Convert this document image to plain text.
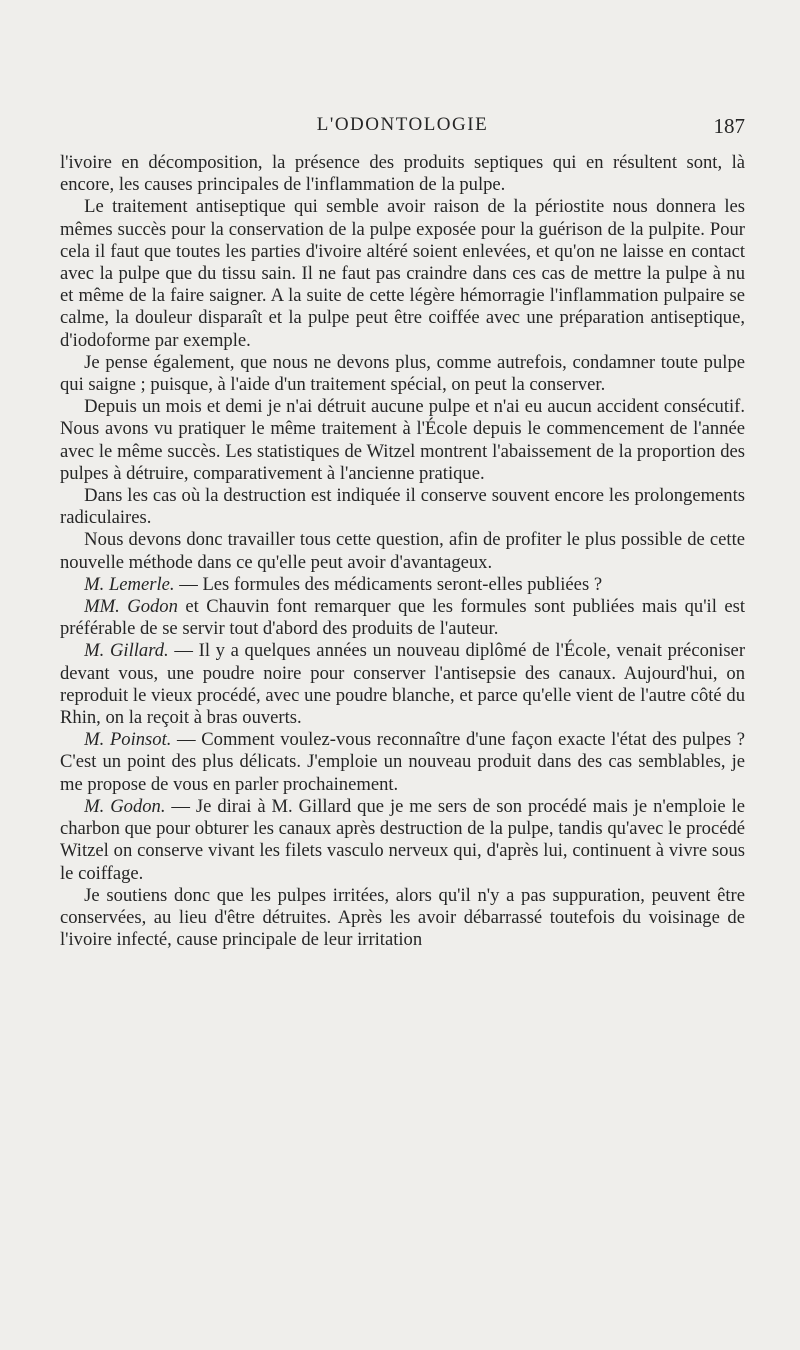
L'ODONTOLOGIE	187

l'ivoire en décomposition, la présence des produits septiques qui en résultent sont, là encore, les causes principales de l'inflammation de la pulpe.

Le traitement antiseptique qui semble avoir raison de la périostite nous donnera les mêmes succès pour la conservation de la pulpe exposée pour la guérison de la pulpite. Pour cela il faut que toutes les parties d'ivoire altéré soient enlevées, et qu'on ne laisse en contact avec la pulpe que du tissu sain. Il ne faut pas craindre dans ces cas de mettre la pulpe à nu et même de la faire saigner. A la suite de cette légère hémorragie l'inflammation pulpaire se calme, la douleur disparaît et la pulpe peut être coiffée avec une préparation antiseptique, d'iodoforme par exemple.

Je pense également, que nous ne devons plus, comme autrefois, condamner toute pulpe qui saigne ; puisque, à l'aide d'un traitement spécial, on peut la conserver.

Depuis un mois et demi je n'ai détruit aucune pulpe et n'ai eu aucun accident consécutif. Nous avons vu pratiquer le même traitement à l'École depuis le commencement de l'année avec le même succès. Les statistiques de Witzel montrent l'abaissement de la proportion des pulpes à détruire, comparativement à l'ancienne pratique.

Dans les cas où la destruction est indiquée il conserve souvent encore les prolongements radiculaires.

Nous devons donc travailler tous cette question, afin de profiter le plus possible de cette nouvelle méthode dans ce qu'elle peut avoir d'avantageux.

M. Lemerle. — Les formules des médicaments seront-elles publiées ?

MM. Godon et Chauvin font remarquer que les formules sont publiées mais qu'il est préférable de se servir tout d'abord des produits de l'auteur.

M. Gillard. — Il y a quelques années un nouveau diplômé de l'École, venait préconiser devant vous, une poudre noire pour conserver l'antisepsie des canaux. Aujourd'hui, on reproduit le vieux procédé, avec une poudre blanche, et parce qu'elle vient de l'autre côté du Rhin, on la reçoit à bras ouverts.

M. Poinsot. — Comment voulez-vous reconnaître d'une façon exacte l'état des pulpes ? C'est un point des plus délicats. J'emploie un nouveau produit dans des cas semblables, je me propose de vous en parler prochainement.

M. Godon. — Je dirai à M. Gillard que je me sers de son procédé mais je n'emploie le charbon que pour obturer les canaux après destruction de la pulpe, tandis qu'avec le procédé Witzel on conserve vivant les filets vasculo nerveux qui, d'après lui, continuent à vivre sous le coiffage.

Je soutiens donc que les pulpes irritées, alors qu'il n'y a pas suppuration, peuvent être conservées, au lieu d'être détruites. Après les avoir débarrassé toutefois du voisinage de l'ivoire infecté, cause principale de leur irritation
